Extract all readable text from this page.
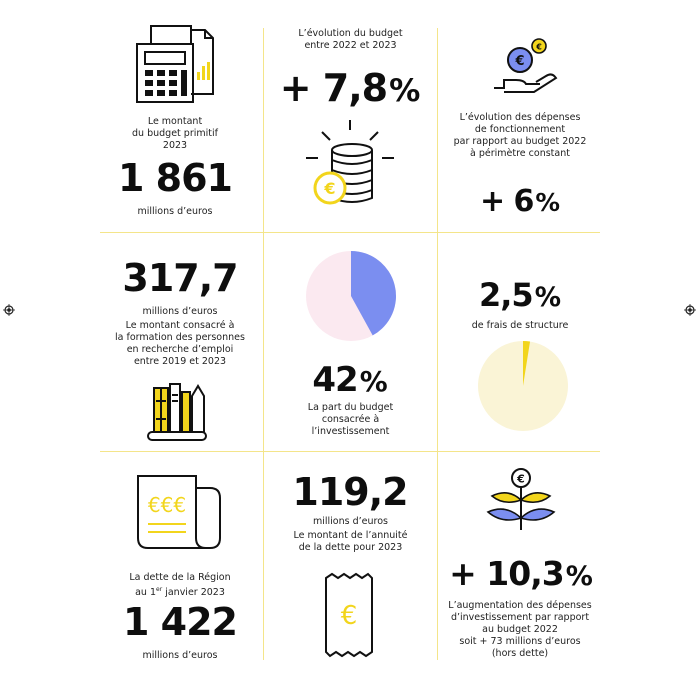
Le montant
du budget primitif
2023
1 861
millions d’euros
L’évolution du budget
entre 2022 et 2023
+ 7,8%
€
€
€
L’évolution des dépenses
de fonctionnement
par rapport au budget 2022
à périmètre constant
+ 6%
317,7
millions d’euros
Le montant consacré à
la formation des personnes
en recherche d’emploi
entre 2019 et 2023	42%
La part du budget
consacrée à
l’investissement
2,5%
de frais de structure
€€€
La dette de la Région
au 1er janvier 2023
1 422
millions d’euros
119,2
millions d’euros
Le montant de l’annuité
de la dette pour 2023
€
€
+ 10,3%
L’augmentation des dépenses
d’investissement par rapport
au budget 2022
soit + 73 millions d’euros
(hors dette)
